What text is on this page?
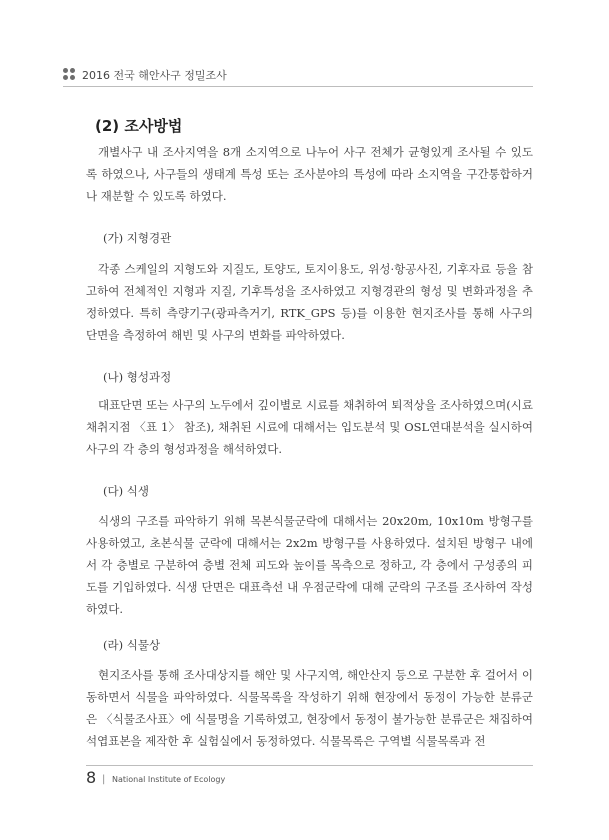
2016 전국 해안사구 정밀조사
(2) 조사방법

개별사구 내 조사지역을 8개 소지역으로 나누어 사구 전체가 균형있게 조사될 수 있도록 하였으나, 사구들의 생태계 특성 또는 조사분야의 특성에 따라 소지역을 구간통합하거나 재분할 수 있도록 하였다.

(가) 지형경관

각종 스케일의 지형도와 지질도, 토양도, 토지이용도, 위성·항공사진, 기후자료 등을 참고하여 전체적인 지형과 지질, 기후특성을 조사하였고 지형경관의 형성 및 변화과정을 추정하였다. 특히 측량기구(광파측거기, RTK_GPS 등)를 이용한 현지조사를 통해 사구의 단면을 측정하여 해빈 및 사구의 변화를 파악하였다.

(나) 형성과정

대표단면 또는 사구의 노두에서 깊이별로 시료를 채취하여 퇴적상을 조사하였으며(시료채취지점 〈표 1〉 참조), 채취된 시료에 대해서는 입도분석 및 OSL연대분석을 실시하여 사구의 각 층의 형성과정을 해석하였다.

(다) 식생

식생의 구조를 파악하기 위해 목본식물군락에 대해서는 20x20m, 10x10m 방형구를 사용하였고, 초본식물 군락에 대해서는 2x2m 방형구를 사용하였다. 설치된 방형구 내에서 각 층별로 구분하여 층별 전체 피도와 높이를 목측으로 정하고, 각 층에서 구성종의 피도를 기입하였다. 식생 단면은 대표측선 내 우점군락에 대해 군락의 구조를 조사하여 작성하였다.

(라) 식물상

현지조사를 통해 조사대상지를 해안 및 사구지역, 해안산지 등으로 구분한 후 걸어서 이동하면서 식물을 파악하였다. 식물목록을 작성하기 위해 현장에서 동정이 가능한 분류군은 〈식물조사표〉에 식물명을 기록하였고, 현장에서 동정이 불가능한 분류군은 채집하여 석엽표본을 제작한 후 실험실에서 동정하였다. 식물목록은 구역별 식물목록과 전

8 | National Institute of Ecology
